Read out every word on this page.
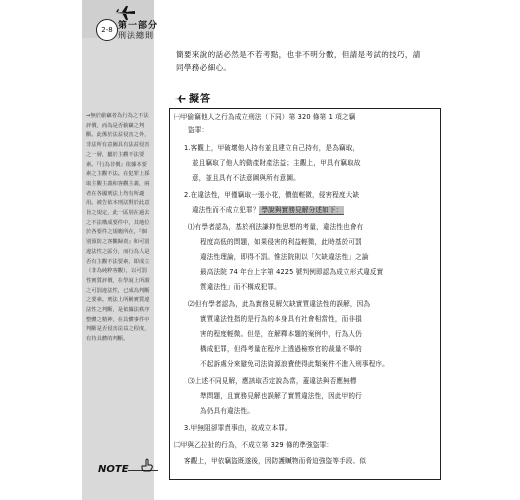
2-8 第一部分
刑法總則
→無於偷竊者為行為之不法評價，而為是否偷竊之判斷。此係於法益侵害之外，非法所有意圖具有法益侵害之一層，屬於主觀不法要素。『行為非價』依據本要素之主觀不法。在犯罪上採取主觀主義和客觀主義，兩者在各國刑法上均有所適用。被告依本刑法對於此意旨之規定，此一區別在過去之不法構成要件中，其地位於各要件之規範所在，『個別預防之客觀歸責』和可罰違法性之區分，而行為人是否有主觀不法要素，即成立（非為純粹客觀），以可罰性實質評價，在學說上所謂之可罰違法性，已成為判斷之要素。刑法上所稱實質違法性之判斷，是依據法秩序整體之精神，在具體事件中判斷是否侵害法益之程度，有待具體的判斷。
簡要來說的話必然是不若考點，也非不明分數，但請是考試的技巧，請同學務必細心。
擬答
㈠甲偷竊他人之行為成立刑法（下同）第 320 條第 1 項之竊
盜罪：
1.客觀上，甲破壞他人持有並且建立自己持有，是為竊取，
並且竊取了他人的動產財產法益；主觀上，甲具有竊取故
意，並且具有不法意圖與所有意圖。
2.在違法性，甲僅竊取一張小花，價值輕微，侵害程度大缺
違法性而不成立犯罪？ 學說與實務見解分述如下：
⑴有學者認為，基於刑法謙抑性思想的考量，違法性也會有
程度高低的問題，如果侵害的利益輕微，此時基於可罰
違法性理論，即得不罰。惟法院則以「欠缺違法性」之論
最高法院 74 年台上字第 4225 號判例即認為成立形式違反實
質違法性」而不構成犯罪。
⑵但有學者認為，此為實務見解欠缺實質違法性的誤解，因為
實質違法性指的是行為的本身具有社會相當性，而非損
害的程度輕微。但是，在解釋本題的案例中，行為人仍
構成犯罪，但得考量在程序上透過檢察官的裁量不舉的
不起訴處分來避免司法資源浪費使得此類案件不進入刑事程序。
⑶上述不同見解，應該取否定說為當，蓋違法與否應無標
準問題，且實務見解也誤解了實質違法性，因此甲的行
為仍具有違法性。
3.甲無阻卻罪責事由，故成立本罪。
㈡甲與乙拉扯的行為，不成立第 329 條的準強盜罪：
客觀上，甲依竊盜既遂後，因防護贓物而脅迫強盜等手段、似
NOTE
